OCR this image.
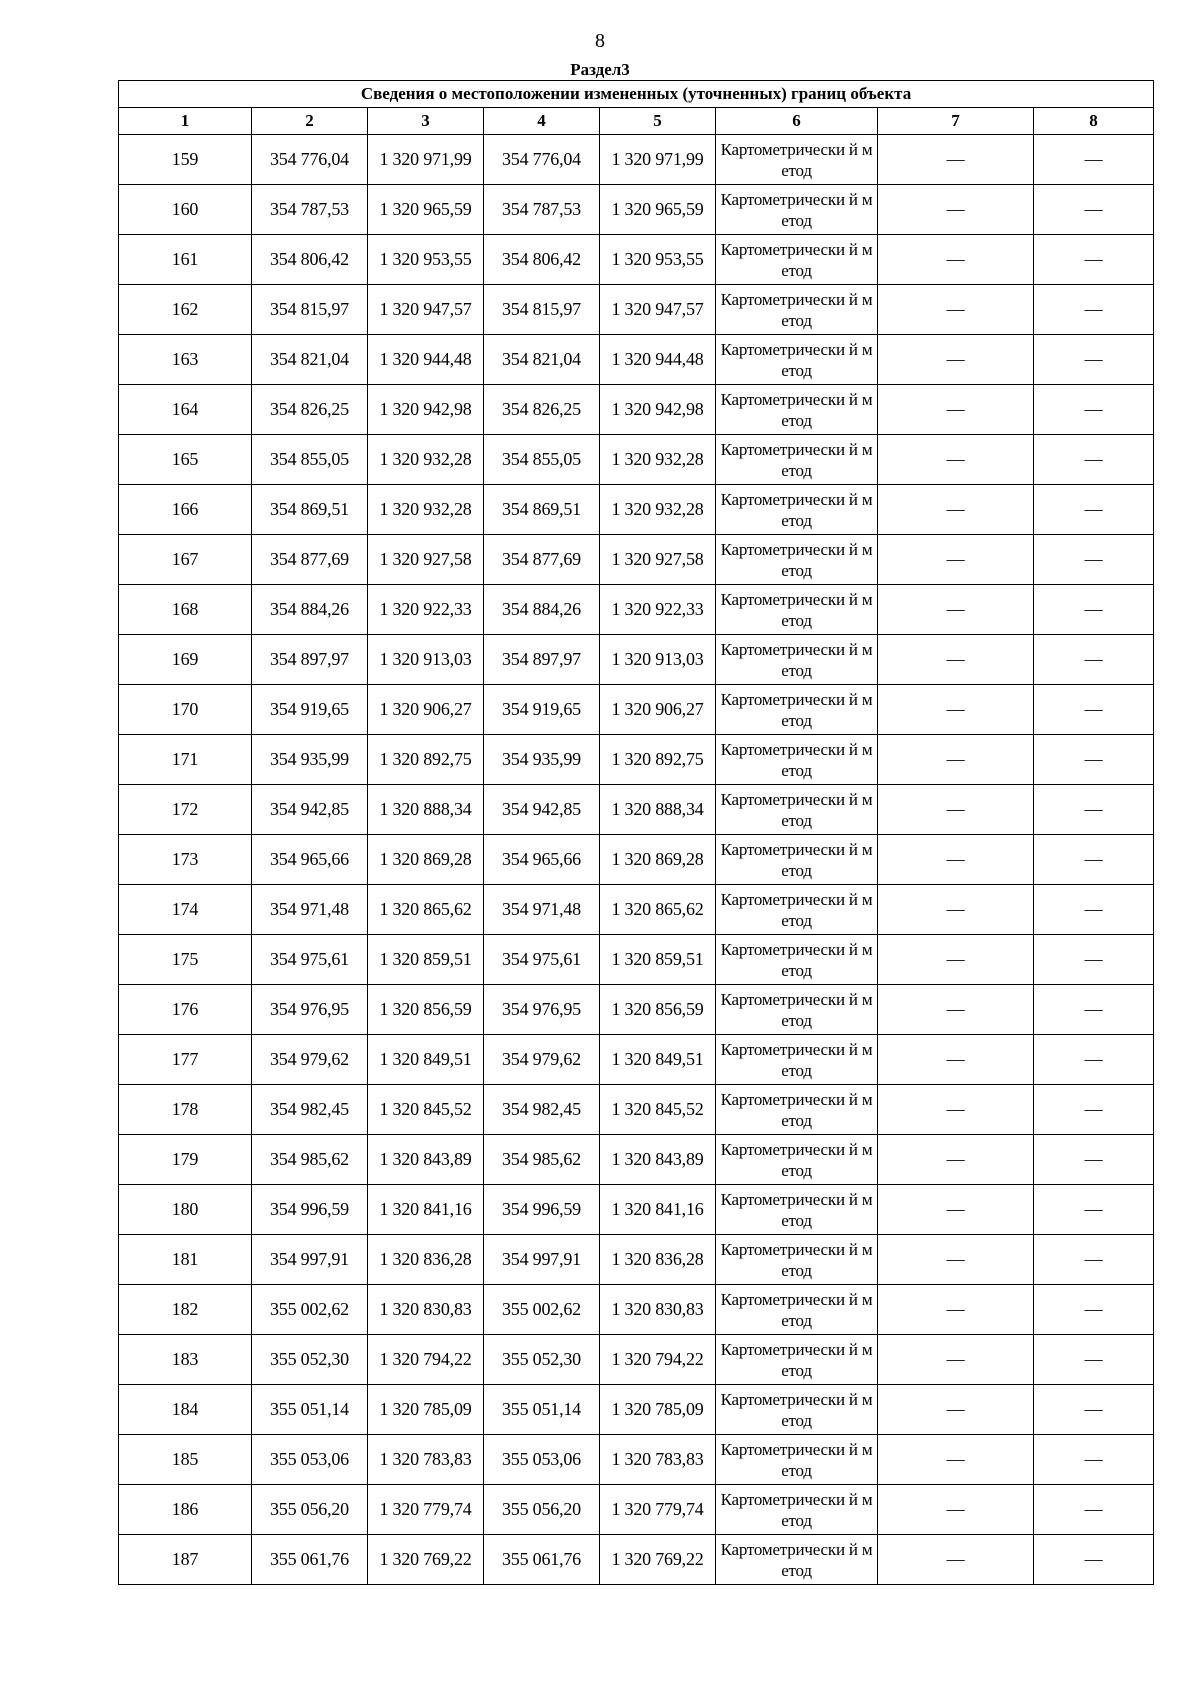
8
Раздел3
Сведения о местоположении измененных (уточненных) границ объекта							
1	2	3	4	5	6	7	8
159	354 776,04	1 320 971,99	354 776,04	1 320 971,99	Картометрически й метод	—	—
160	354 787,53	1 320 965,59	354 787,53	1 320 965,59	Картометрически й метод	—	—
161	354 806,42	1 320 953,55	354 806,42	1 320 953,55	Картометрически й метод	—	—
162	354 815,97	1 320 947,57	354 815,97	1 320 947,57	Картометрически й метод	—	—
163	354 821,04	1 320 944,48	354 821,04	1 320 944,48	Картометрически й метод	—	—
164	354 826,25	1 320 942,98	354 826,25	1 320 942,98	Картометрически й метод	—	—
165	354 855,05	1 320 932,28	354 855,05	1 320 932,28	Картометрически й метод	—	—
166	354 869,51	1 320 932,28	354 869,51	1 320 932,28	Картометрически й метод	—	—
167	354 877,69	1 320 927,58	354 877,69	1 320 927,58	Картометрически й метод	—	—
168	354 884,26	1 320 922,33	354 884,26	1 320 922,33	Картометрически й метод	—	—
169	354 897,97	1 320 913,03	354 897,97	1 320 913,03	Картометрически й метод	—	—
170	354 919,65	1 320 906,27	354 919,65	1 320 906,27	Картометрически й метод	—	—
171	354 935,99	1 320 892,75	354 935,99	1 320 892,75	Картометрически й метод	—	—
172	354 942,85	1 320 888,34	354 942,85	1 320 888,34	Картометрически й метод	—	—
173	354 965,66	1 320 869,28	354 965,66	1 320 869,28	Картометрически й метод	—	—
174	354 971,48	1 320 865,62	354 971,48	1 320 865,62	Картометрически й метод	—	—
175	354 975,61	1 320 859,51	354 975,61	1 320 859,51	Картометрически й метод	—	—
176	354 976,95	1 320 856,59	354 976,95	1 320 856,59	Картометрически й метод	—	—
177	354 979,62	1 320 849,51	354 979,62	1 320 849,51	Картометрически й метод	—	—
178	354 982,45	1 320 845,52	354 982,45	1 320 845,52	Картометрически й метод	—	—
179	354 985,62	1 320 843,89	354 985,62	1 320 843,89	Картометрически й метод	—	—
180	354 996,59	1 320 841,16	354 996,59	1 320 841,16	Картометрически й метод	—	—
181	354 997,91	1 320 836,28	354 997,91	1 320 836,28	Картометрически й метод	—	—
182	355 002,62	1 320 830,83	355 002,62	1 320 830,83	Картометрически й метод	—	—
183	355 052,30	1 320 794,22	355 052,30	1 320 794,22	Картометрически й метод	—	—
184	355 051,14	1 320 785,09	355 051,14	1 320 785,09	Картометрически й метод	—	—
185	355 053,06	1 320 783,83	355 053,06	1 320 783,83	Картометрически й метод	—	—
186	355 056,20	1 320 779,74	355 056,20	1 320 779,74	Картометрически й метод	—	—
187	355 061,76	1 320 769,22	355 061,76	1 320 769,22	Картометрически й метод	—	—
